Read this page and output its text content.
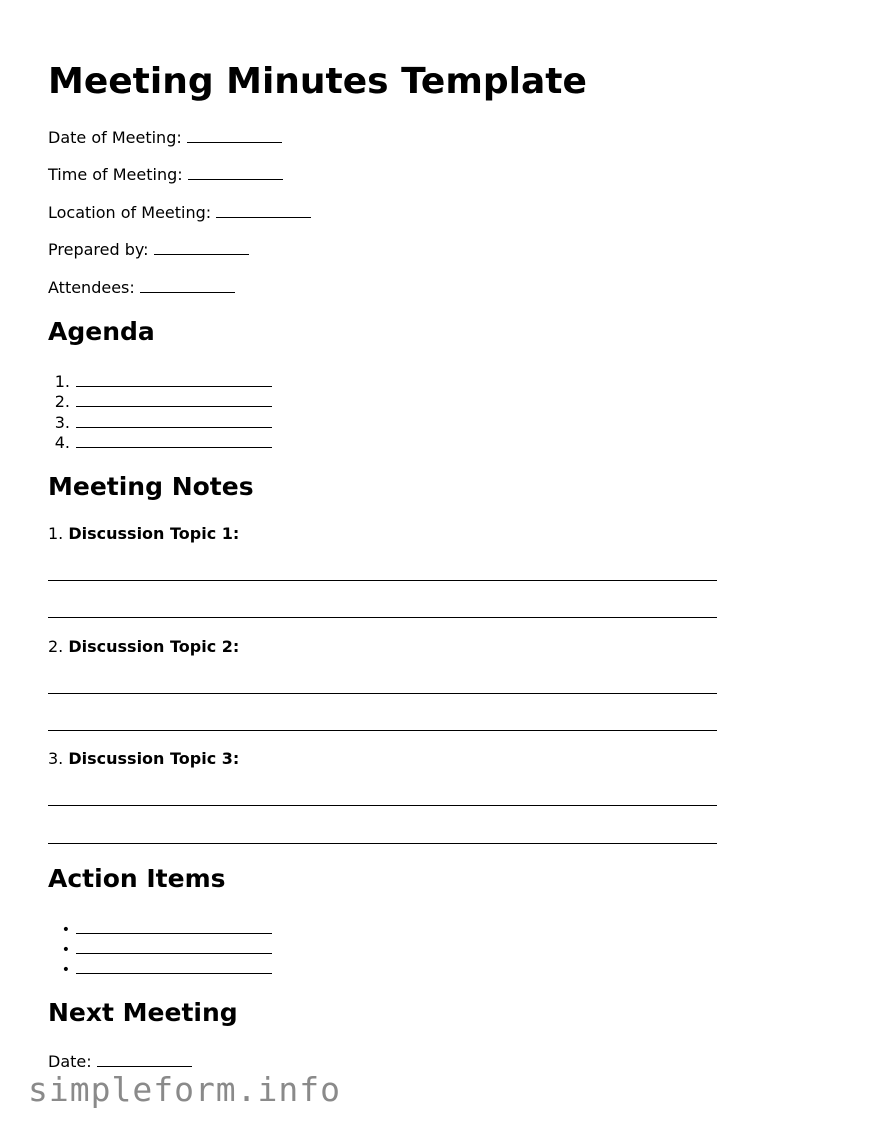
Meeting Minutes Template
Date of Meeting:
Time of Meeting:
Location of Meeting:
Prepared by:
Attendees:
Agenda
1.
2.
3.
4.
Meeting Notes
1. Discussion Topic 1:
2. Discussion Topic 2:
3. Discussion Topic 3:
Action Items
•
•
•
Next Meeting
Date:
simpleform.info
